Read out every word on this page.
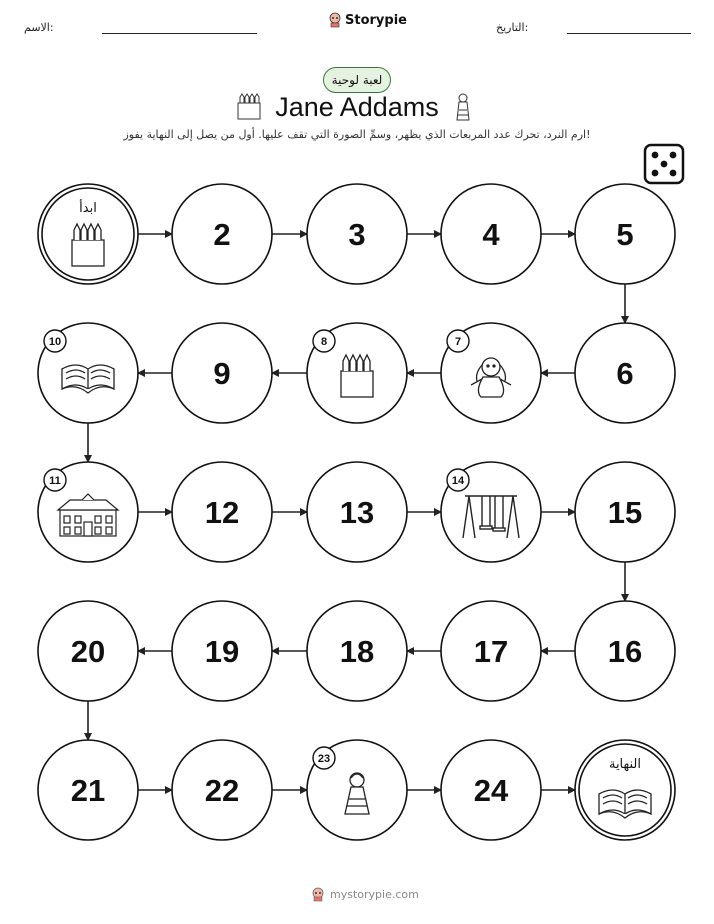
الاسم:	التاريخ:
Storypie
لعبة لوحية
Jane Addams
ارم النرد، تحرك عدد المربعات الذي يظهر، وسمِّ الصورة التي تقف عليها. أول من يصل إلى النهاية يفوز!
ابدأ
2	3	4	5
6
7
8
9
10
11
12	13
14
15
16
17
18
19
20
21	22
23
24
النهاية
mystorypie.com
